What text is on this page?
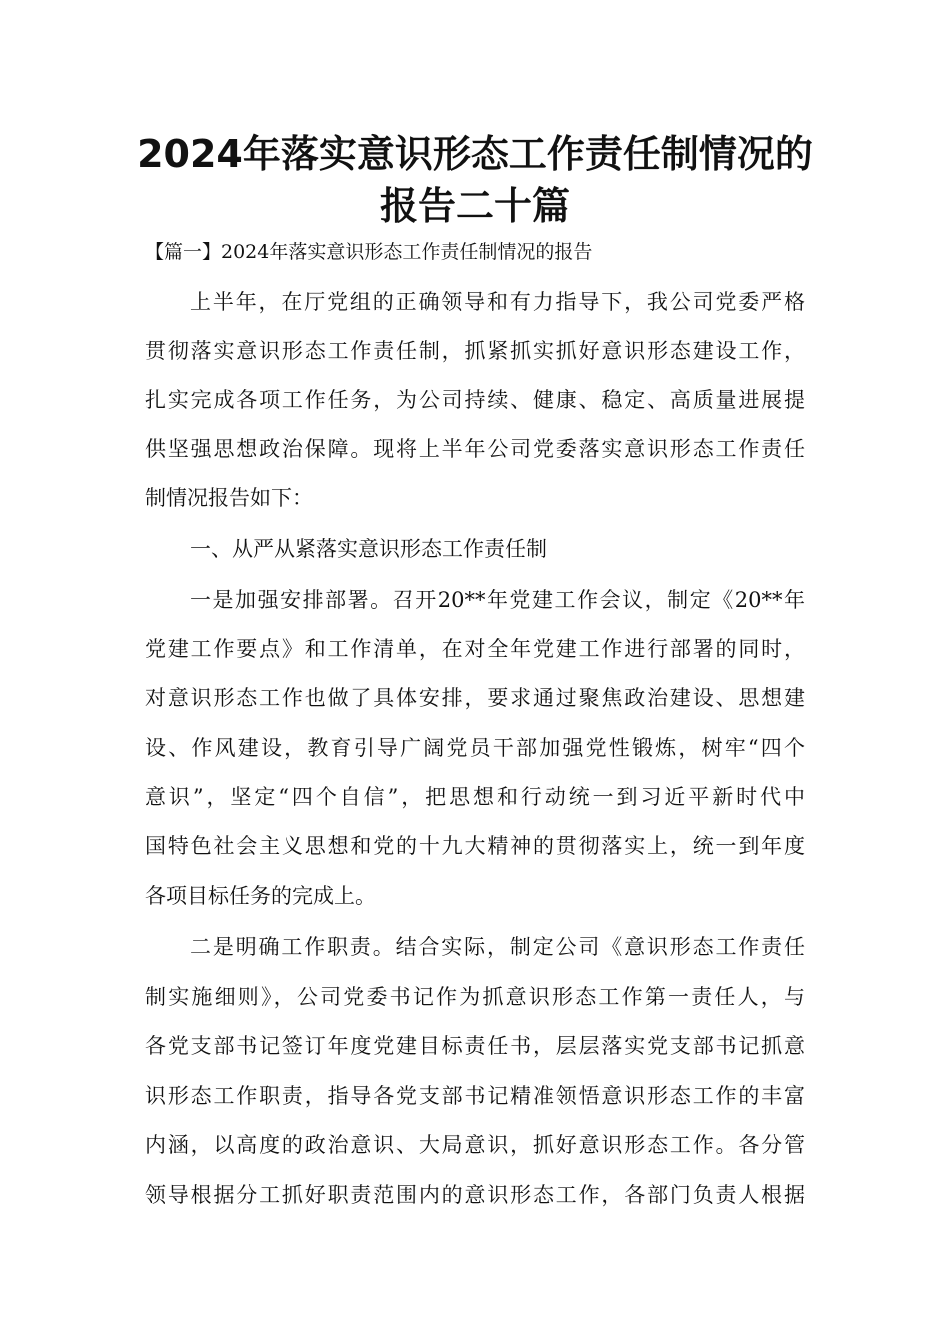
2024年落实意识形态工作责任制情况的
报告二十篇
【篇一】2024年落实意识形态工作责任制情况的报告
上半年，在厅党组的正确领导和有力指导下，我公司党委严格
贯彻落实意识形态工作责任制，抓紧抓实抓好意识形态建设工作，
扎实完成各项工作任务，为公司持续、健康、稳定、高质量进展提
供坚强思想政治保障。现将上半年公司党委落实意识形态工作责任
制情况报告如下：
一、从严从紧落实意识形态工作责任制
一是加强安排部署。召开20**年党建工作会议，制定《20**年
党建工作要点》和工作清单，在对全年党建工作进行部署的同时，
对意识形态工作也做了具体安排，要求通过聚焦政治建设、思想建
设、作风建设，教育引导广阔党员干部加强党性锻炼，树牢“四个
意识”，坚定“四个自信”，把思想和行动统一到习近平新时代中
国特色社会主义思想和党的十九大精神的贯彻落实上，统一到年度
各项目标任务的完成上。
二是明确工作职责。结合实际，制定公司《意识形态工作责任
制实施细则》，公司党委书记作为抓意识形态工作第一责任人，与
各党支部书记签订年度党建目标责任书，层层落实党支部书记抓意
识形态工作职责，指导各党支部书记精准领悟意识形态工作的丰富
内涵，以高度的政治意识、大局意识，抓好意识形态工作。各分管
领导根据分工抓好职责范围内的意识形态工作，各部门负责人根据
